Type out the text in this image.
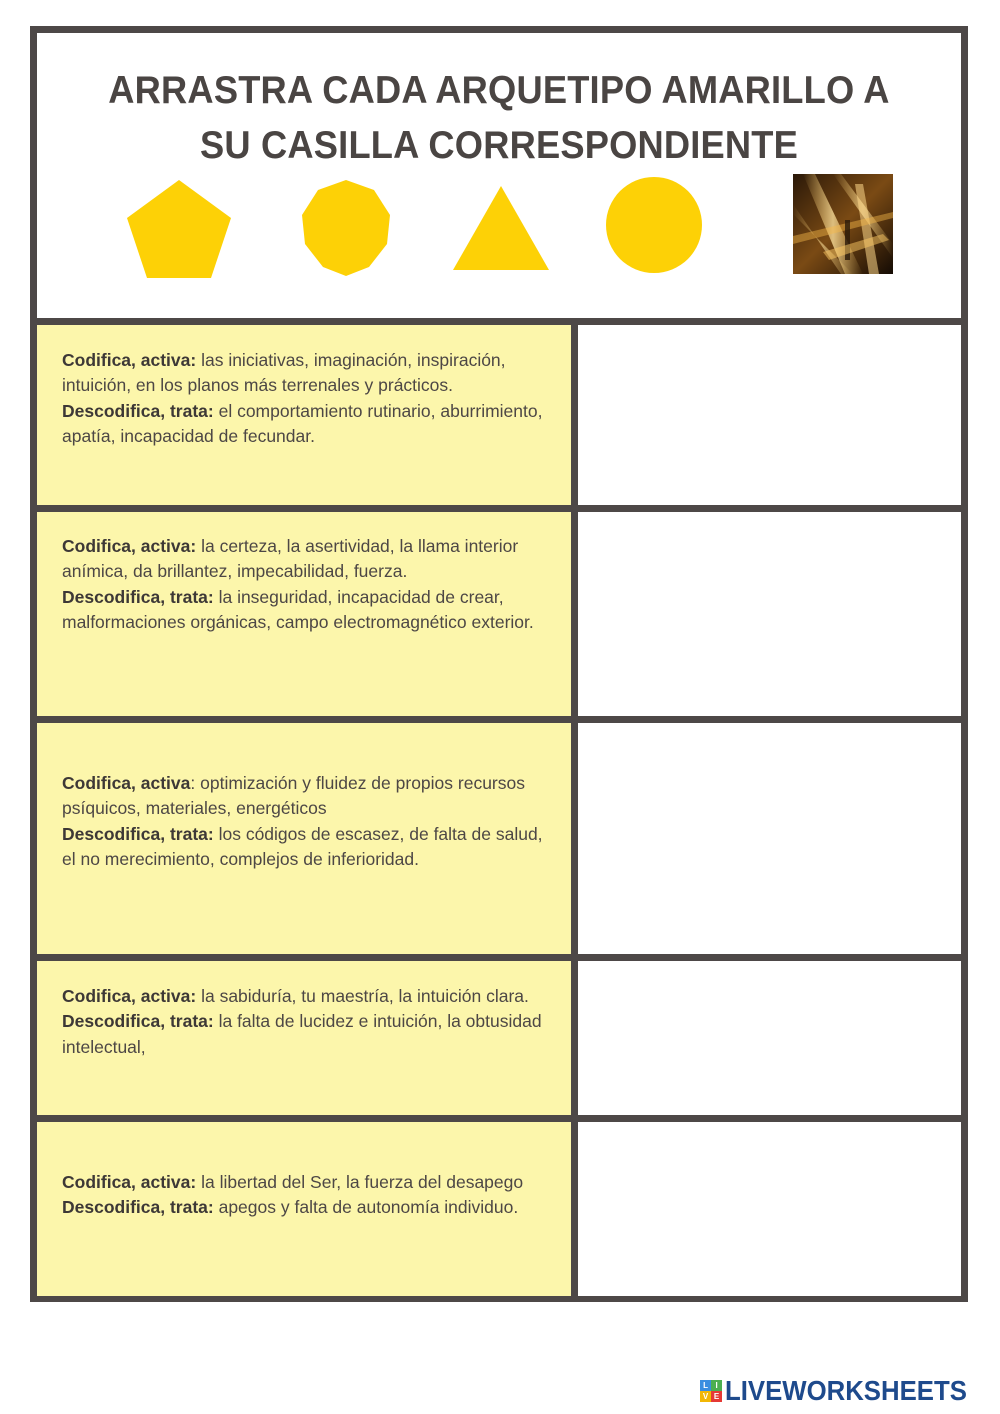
ARRASTRA CADA ARQUETIPO AMARILLO A SU CASILLA CORRESPONDIENTE

Codifica, activa: las iniciativas, imaginación, inspiración, intuición, en los planos más terrenales y prácticos.
Descodifica, trata: el comportamiento rutinario, aburrimiento, apatía, incapacidad de fecundar.

Codifica, activa: la certeza, la asertividad, la llama interior anímica, da brillantez, impecabilidad, fuerza.
Descodifica, trata: la inseguridad, incapacidad de crear, malformaciones orgánicas, campo electromagnético exterior.

Codifica, activa: optimización y fluidez de propios recursos psíquicos, materiales, energéticos
Descodifica, trata: los códigos de escasez, de falta de salud, el no merecimiento, complejos de inferioridad.

Codifica, activa: la sabiduría, tu maestría, la intuición clara.
Descodifica, trata: la falta de lucidez e intuición, la obtusidad intelectual,

Codifica, activa: la libertad del Ser, la fuerza del desapego
Descodifica, trata: apegos y falta de autonomía individuo.

L I
V E LIVEWORKSHEETS
